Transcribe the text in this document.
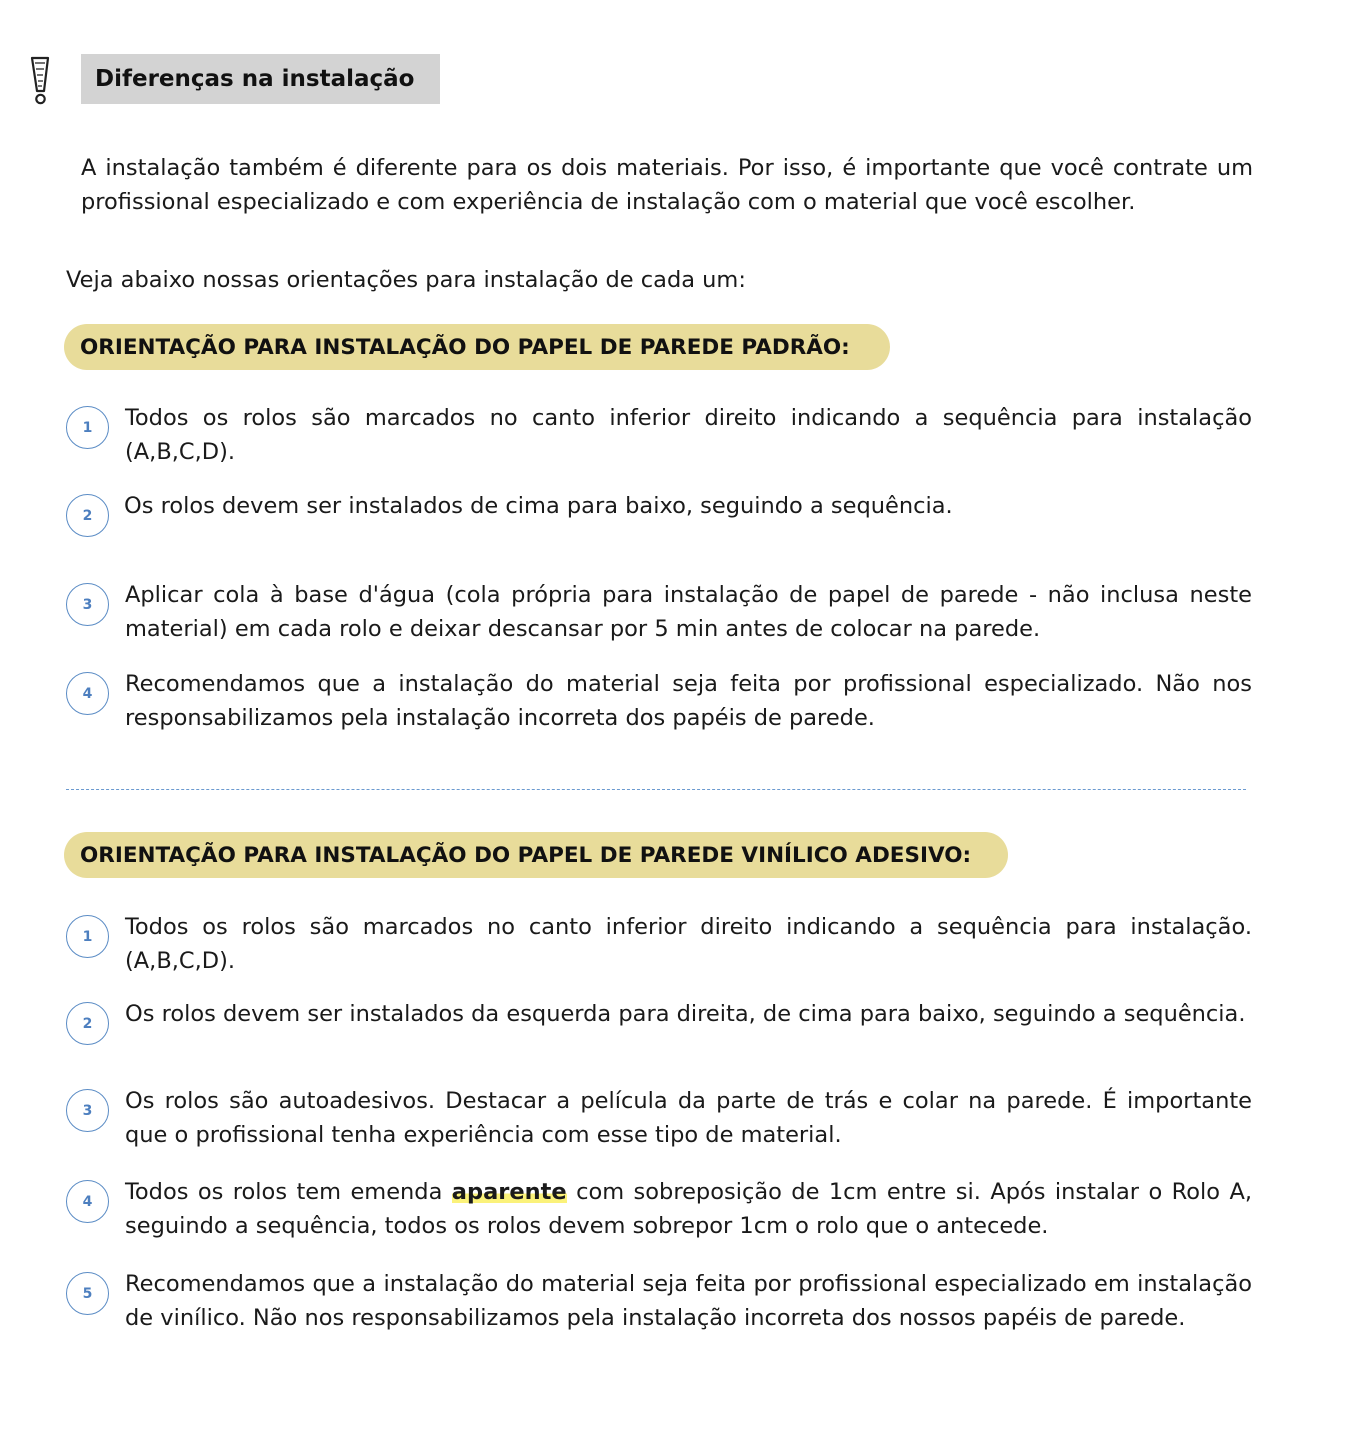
Diferenças na instalação
A instalação também é diferente para os dois materiais. Por isso, é importante que você contrate um profissional especializado e com experiência de instalação com o material que você escolher.
Veja abaixo nossas orientações para instalação de cada um:
ORIENTAÇÃO PARA INSTALAÇÃO DO PAPEL DE PAREDE PADRÃO:
1	Todos os rolos são marcados no canto inferior direito indicando a sequência para instalação (A,B,C,D).
2	Os rolos devem ser instalados de cima para baixo, seguindo a sequência.
3	Aplicar cola à base d'água (cola própria para instalação de papel de parede - não inclusa neste material) em cada rolo e deixar descansar por 5 min antes de colocar na parede.
4	Recomendamos que a instalação do material seja feita por profissional especializado. Não nos responsabilizamos pela instalação incorreta dos papéis de parede.
ORIENTAÇÃO PARA INSTALAÇÃO DO PAPEL DE PAREDE VINÍLICO ADESIVO:
1	Todos os rolos são marcados no canto inferior direito indicando a sequência para instalação. (A,B,C,D).
2	Os rolos devem ser instalados da esquerda para direita, de cima para baixo, seguindo a sequência.
3	Os rolos são autoadesivos. Destacar a película da parte de trás e colar na parede. É importante que o profissional tenha experiência com esse tipo de material.
4	Todos os rolos tem emenda aparente com sobreposição de 1cm entre si. Após instalar o Rolo A, seguindo a sequência, todos os rolos devem sobrepor 1cm o rolo que o antecede.
5	Recomendamos que a instalação do material seja feita por profissional especializado em instalação de vinílico. Não nos responsabilizamos pela instalação incorreta dos nossos papéis de parede.
